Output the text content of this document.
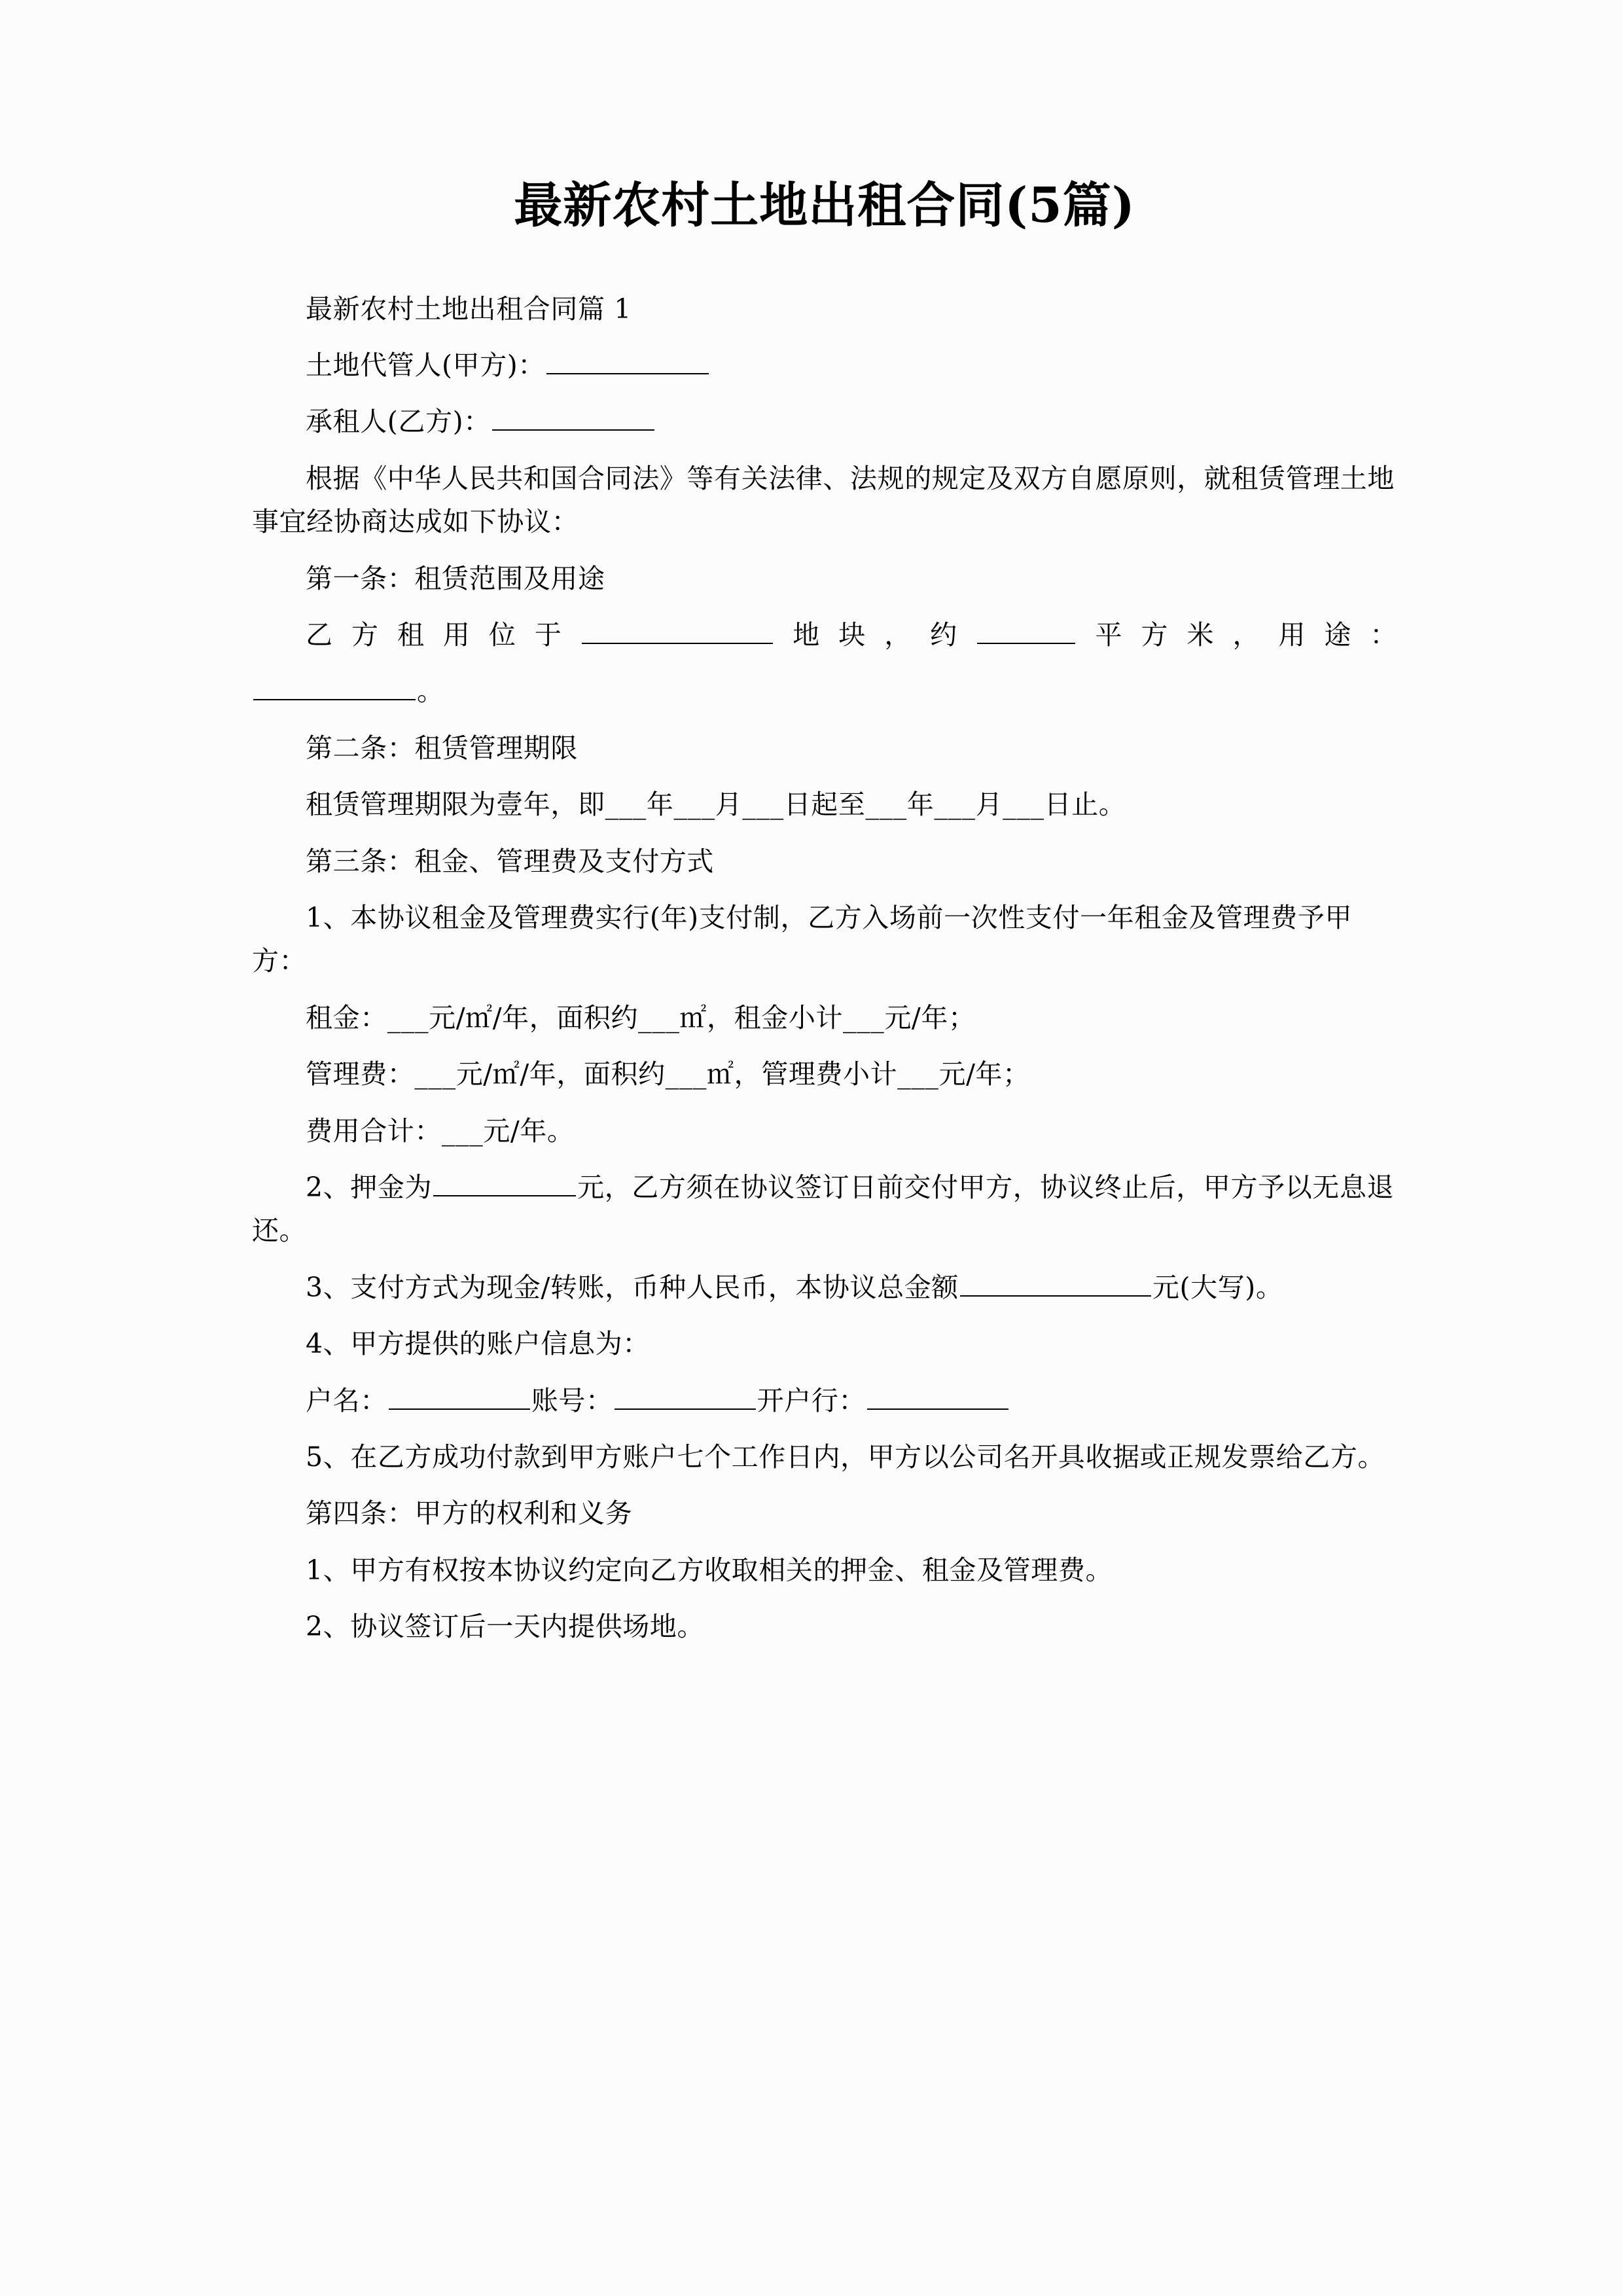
最新农村土地出租合同(5篇)

最新农村土地出租合同篇 1

土地代管人(甲方)：

承租人(乙方)：

根据《中华人民共和国合同法》等有关法律、法规的规定及双方自愿原则，就租赁管理土地事宜经协商达成如下协议：

第一条：租赁范围及用途

乙方租用位于	地块，约	平方米，用途：

。

第二条：租赁管理期限

租赁管理期限为壹年，即___年___月___日起至___年___月___日止。

第三条：租金、管理费及支付方式

1、本协议租金及管理费实行(年)支付制，乙方入场前一次性支付一年租金及管理费予甲方：

租金：___元/㎡/年，面积约___㎡，租金小计___元/年；

管理费：___元/㎡/年，面积约___㎡，管理费小计___元/年；

费用合计：___元/年。

2、押金为	元，乙方须在协议签订日前交付甲方，协议终止后，甲方予以无息退还。

3、支付方式为现金/转账，币种人民币，本协议总金额	元(大写)。

4、甲方提供的账户信息为：

户名：	账号：	开户行：

5、在乙方成功付款到甲方账户七个工作日内，甲方以公司名开具收据或正规发票给乙方。

第四条：甲方的权利和义务

1、甲方有权按本协议约定向乙方收取相关的押金、租金及管理费。

2、协议签订后一天内提供场地。
